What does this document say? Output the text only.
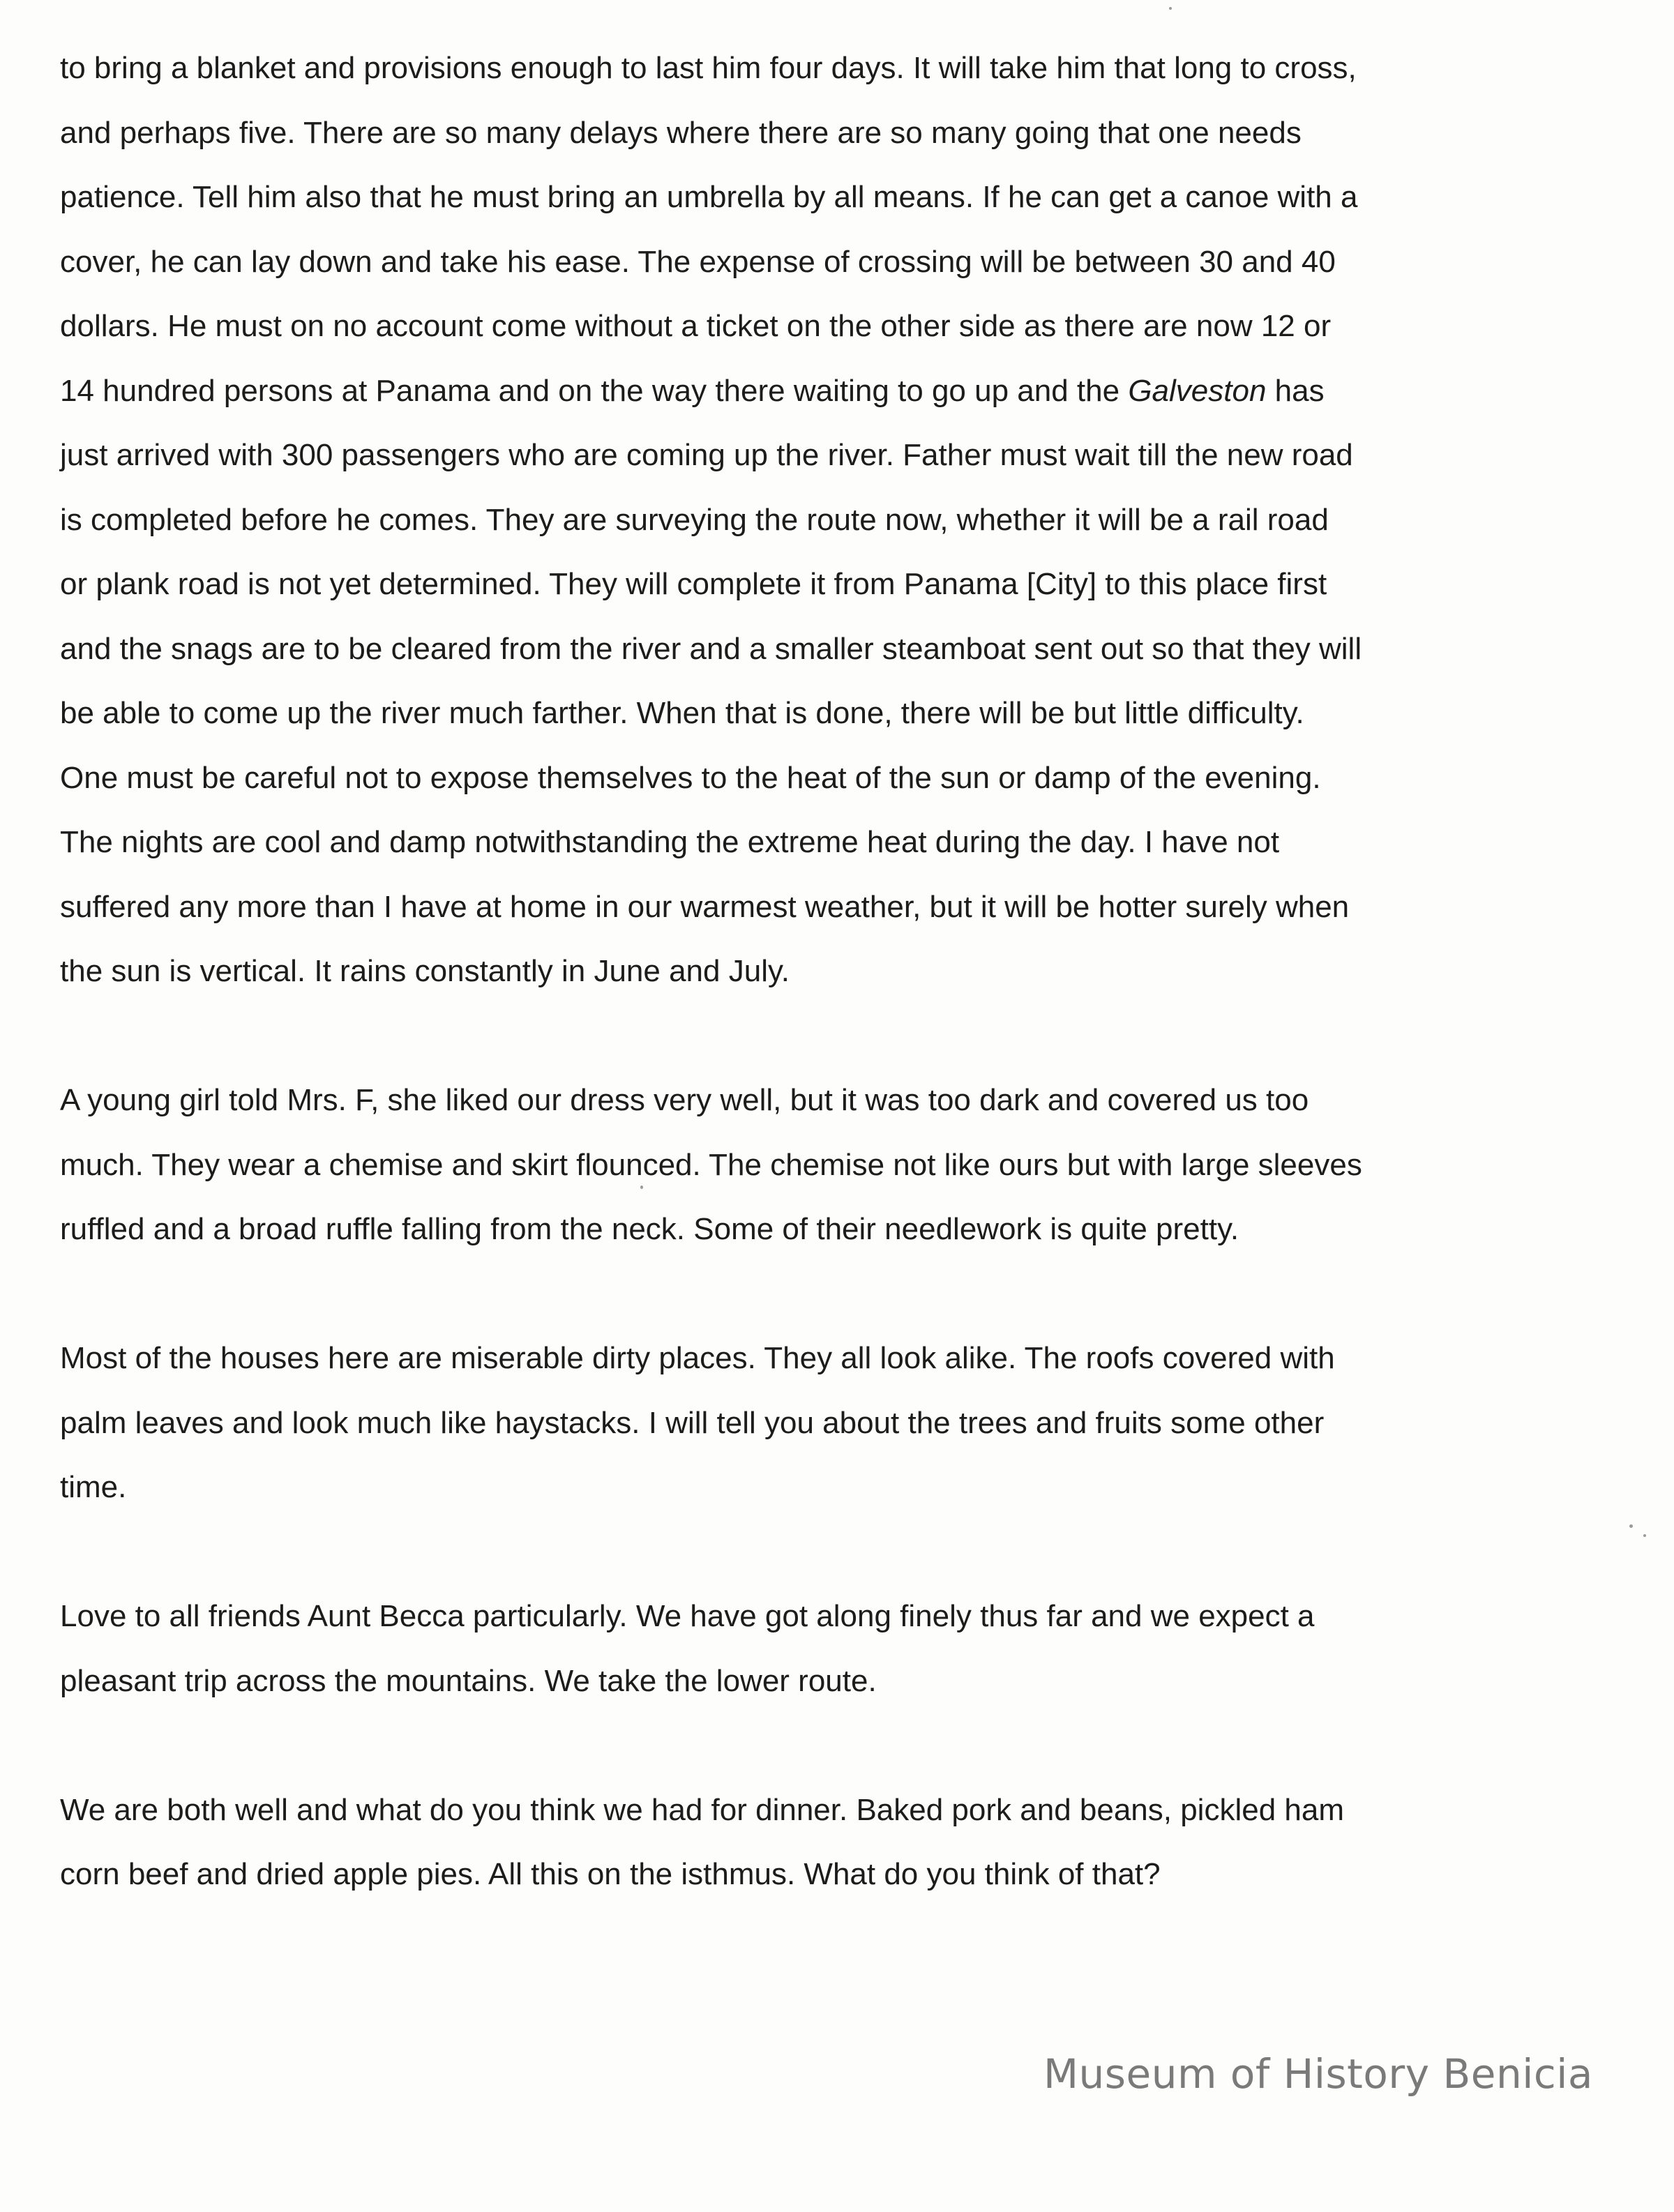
to bring a blanket and provisions enough to last him four days. It will take him that long to cross,
and perhaps five. There are so many delays where there are so many going that one needs
patience. Tell him also that he must bring an umbrella by all means. If he can get a canoe with a
cover, he can lay down and take his ease. The expense of crossing will be between 30 and 40
dollars. He must on no account come without a ticket on the other side as there are now 12 or
14 hundred persons at Panama and on the way there waiting to go up and the Galveston has
just arrived with 300 passengers who are coming up the river. Father must wait till the new road
is completed before he comes. They are surveying the route now, whether it will be a rail road
or plank road is not yet determined. They will complete it from Panama [City] to this place first
and the snags are to be cleared from the river and a smaller steamboat sent out so that they will
be able to come up the river much farther. When that is done, there will be but little difficulty.
One must be careful not to expose themselves to the heat of the sun or damp of the evening.
The nights are cool and damp notwithstanding the extreme heat during the day. I have not
suffered any more than I have at home in our warmest weather, but it will be hotter surely when
the sun is vertical. It rains constantly in June and July.
A young girl told Mrs. F, she liked our dress very well, but it was too dark and covered us too
much. They wear a chemise and skirt flounced. The chemise not like ours but with large sleeves
ruffled and a broad ruffle falling from the neck. Some of their needlework is quite pretty.
Most of the houses here are miserable dirty places. They all look alike. The roofs covered with
palm leaves and look much like haystacks. I will tell you about the trees and fruits some other
time.
Love to all friends Aunt Becca particularly. We have got along finely thus far and we expect a
pleasant trip across the mountains. We take the lower route.
We are both well and what do you think we had for dinner. Baked pork and beans, pickled ham
corn beef and dried apple pies. All this on the isthmus. What do you think of that?
Museum of History Benicia
